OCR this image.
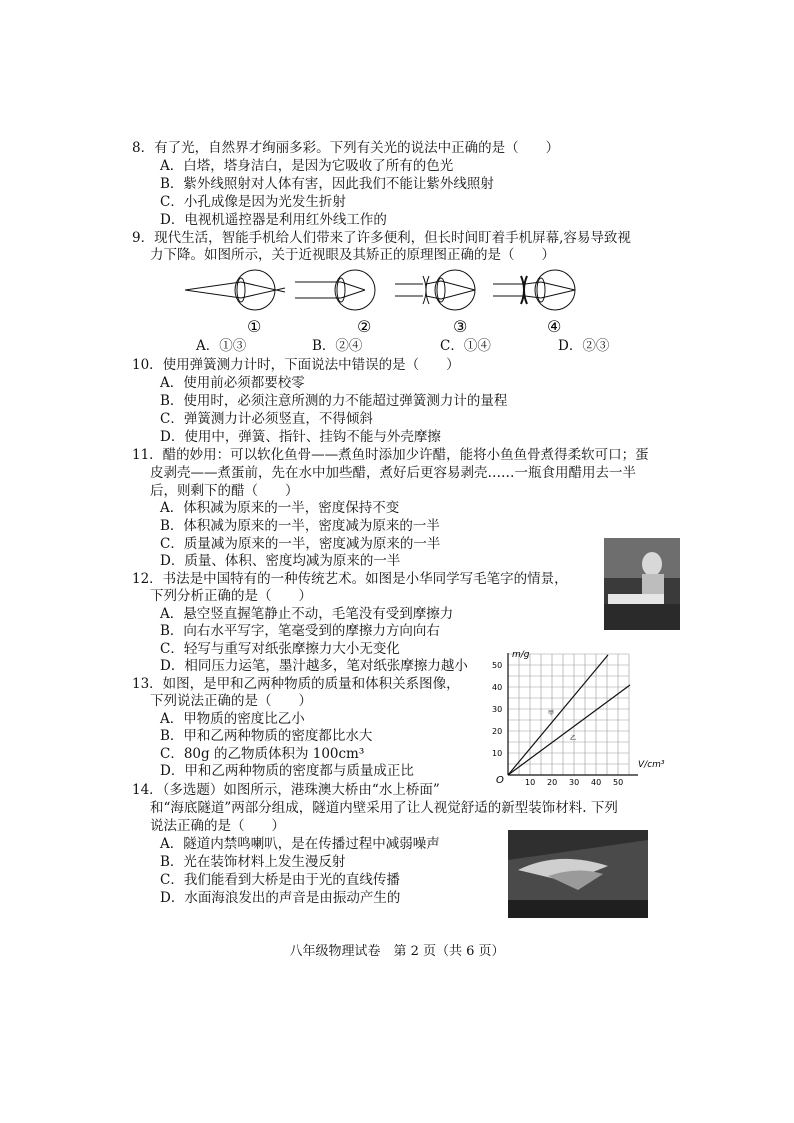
8．有了光，自然界才绚丽多彩。下列有关光的说法中正确的是（　　）
A．白塔，塔身洁白，是因为它吸收了所有的色光
B．紫外线照射对人体有害，因此我们不能让紫外线照射
C．小孔成像是因为光发生折射
D．电视机遥控器是利用红外线工作的
9．现代生活，智能手机给人们带来了许多便利，但长时间盯着手机屏幕,容易导致视
力下降。如图所示，关于近视眼及其矫正的原理图正确的是（　　）
①	②	③	④
A．①③	B．②④	C．①④	D．②③
10．使用弹簧测力计时，下面说法中错误的是（　　）
A．使用前必须都要校零
B．使用时，必须注意所测的力不能超过弹簧测力计的量程
C．弹簧测力计必须竖直，不得倾斜
D．使用中，弹簧、指针、挂钩不能与外壳摩擦
11．醋的妙用：可以软化鱼骨——煮鱼时添加少许醋，能将小鱼鱼骨煮得柔软可口；蛋
皮剥壳——煮蛋前，先在水中加些醋，煮好后更容易剥壳……一瓶食用醋用去一半
后，则剩下的醋（　　）
A．体积减为原来的一半，密度保持不变
B．体积减为原来的一半，密度减为原来的一半
C．质量减为原来的一半，密度减为原来的一半
D．质量、体积、密度均减为原来的一半
12．书法是中国特有的一种传统艺术。如图是小华同学写毛笔字的情景，
下列分析正确的是（　　）
A．悬空竖直握笔静止不动，毛笔没有受到摩擦力
B．向右水平写字，笔毫受到的摩擦力方向向右
C．轻写与重写对纸张摩擦力大小无变化
D．相同压力运笔，墨汁越多，笔对纸张摩擦力越小
m/g
V/cm³
O
甲
乙
10 20 30 40 50
10
20
30
40
50
13．如图，是甲和乙两种物质的质量和体积关系图像，
下列说法正确的是（　　）
A．甲物质的密度比乙小
B．甲和乙两种物质的密度都比水大
C．80g 的乙物质体积为 100cm³
D．甲和乙两种物质的密度都与质量成正比
14．（多选题）如图所示，港珠澳大桥由“水上桥面”
和“海底隧道”两部分组成，隧道内壁采用了让人视觉舒适的新型装饰材料. 下列
说法正确的是（　　）
A．隧道内禁鸣喇叭，是在传播过程中减弱噪声
B．光在装饰材料上发生漫反射
C．我们能看到大桥是由于光的直线传播
D．水面海浪发出的声音是由振动产生的
八年级物理试卷　第 2 页（共 6 页）
